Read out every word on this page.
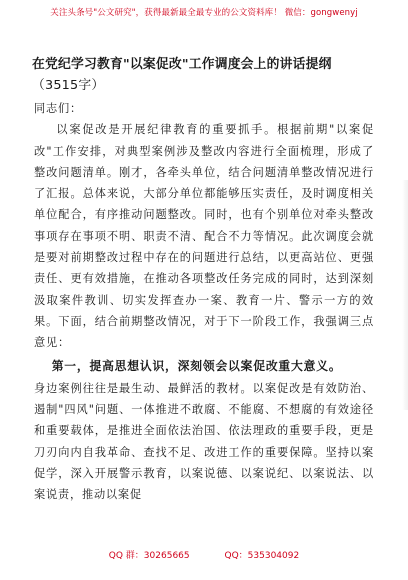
关注头条号"公文研究"，获得最新最全最专业的公文资料库！ 微信：gongwenyj
在党纪学习教育"以案促改"工作调度会上的讲话提纲
（3515字）

同志们：

以案促改是开展纪律教育的重要抓手。根据前期"以案促改"工作安排，对典型案例涉及整改内容进行全面梳理，形成了整改问题清单。刚才，各牵头单位，结合问题清单整改情况进行了汇报。总体来说，大部分单位都能够压实责任，及时调度相关单位配合，有序推动问题整改。同时，也有个别单位对牵头整改事项存在事项不明、职责不清、配合不力等情况。此次调度会就是要对前期整改过程中存在的问题进行总结，以更高站位、更强责任、更有效措施，在推动各项整改任务完成的同时，达到深刻汲取案件教训、切实发挥查办一案、教育一片、警示一方的效果。下面，结合前期整改情况，对于下一阶段工作，我强调三点意见：

第一，提高思想认识，深刻领会以案促改重大意义。

身边案例往往是最生动、最鲜活的教材。以案促改是有效防治、遏制"四风"问题、一体推进不敢腐、不能腐、不想腐的有效途径和重要载体，是推进全面依法治国、依法理政的重要手段，更是刀刃向内自我革命、查找不足、改进工作的重要保障。坚持以案促学，深入开展警示教育，以案说德、以案说纪、以案说法、以案说责，推动以案促

QQ 群：30265665	QQ：535304092
